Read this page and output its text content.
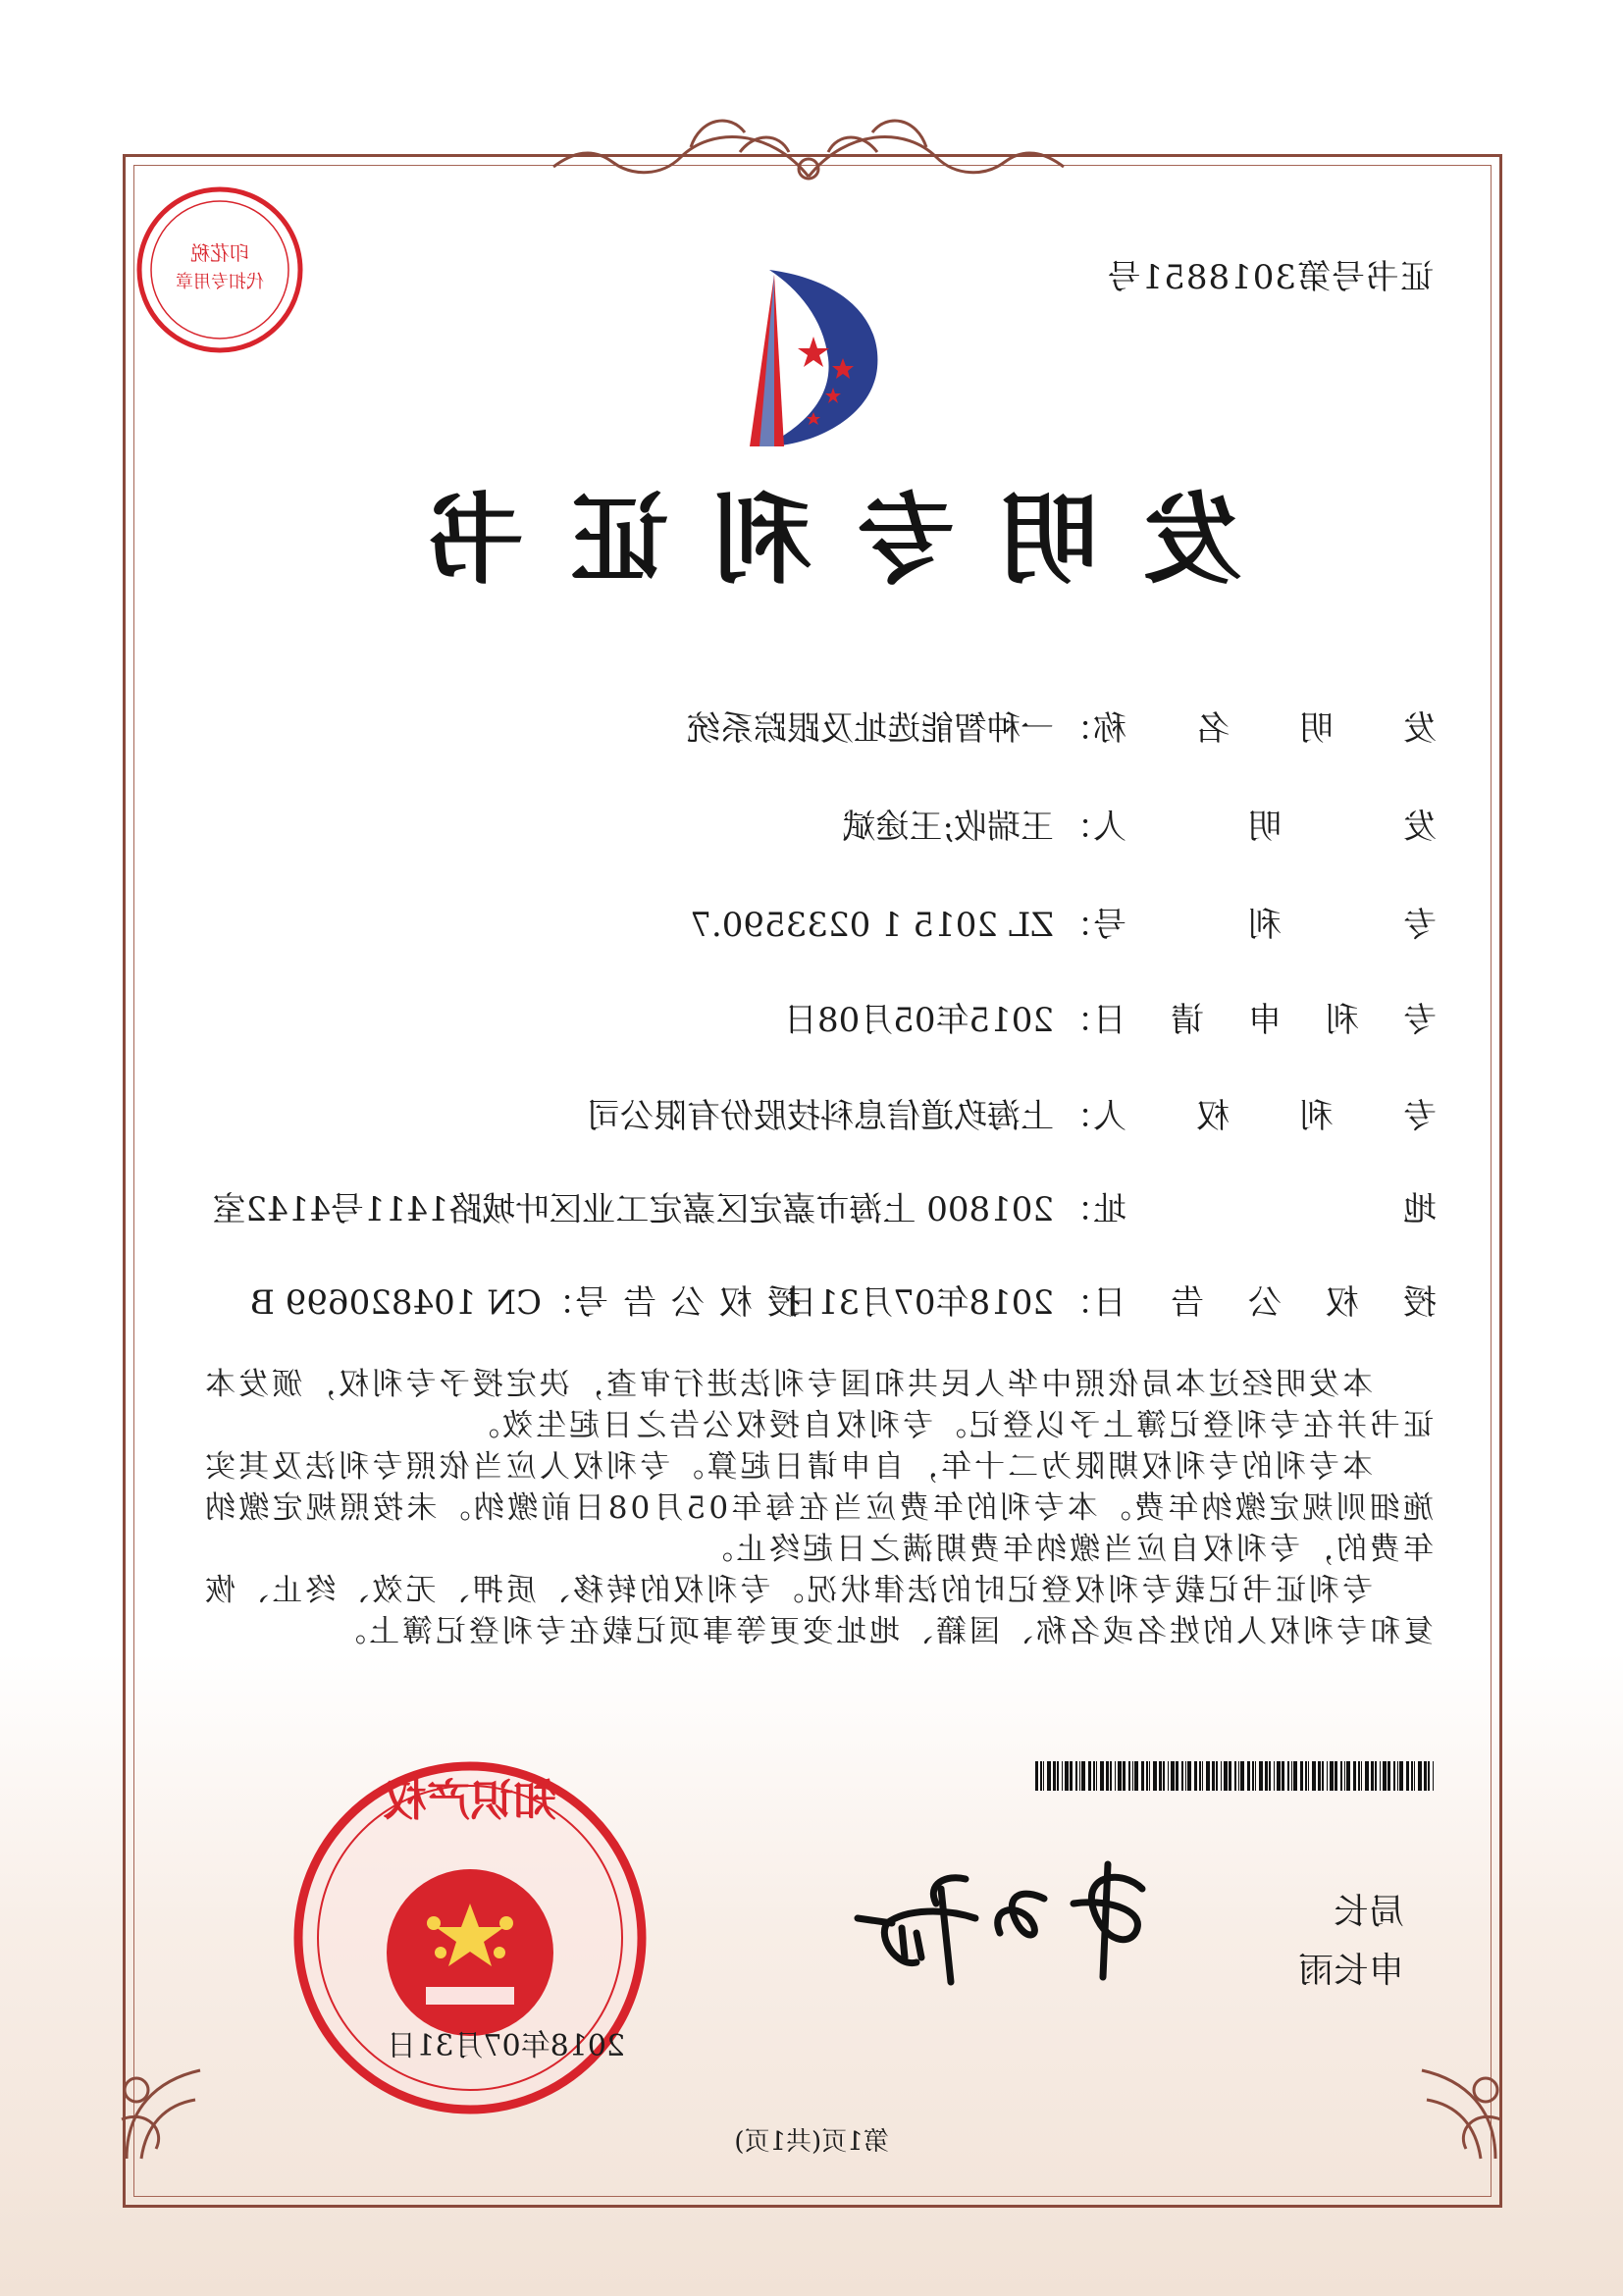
印花税
代扣专用章	证书号第3018851号
发明专利证书
发明名称：一种智能选址及跟踪系统
发明人：王瑞收;王途斌
专利号：ZL 2015 1 0233590.7
专利申请日：2015年05月08日
专利权人：上海玖道信息科技股份有限公司
地址：201800 上海市嘉定区嘉定工业区叶城路1411号4142室
授权公告日：2018年07月31日
授权公告号：CN 104820699 B

本发明经过本局依照中华人民共和国专利法进行审查，决定授予专利权，颁发本证书并在专利登记簿上予以登记。专利权自授权公告之日起生效。

本专利的专利权期限为二十年，自申请日起算。专利权人应当依照专利法及其实施细则规定缴纳年费。本专利的年费应当在每年05月08日前缴纳。未按照规定缴纳年费的，专利权自应当缴纳年费期满之日起终止。

专利证书记载专利权登记时的法律状况。专利权的转移、质押、无效、终止、恢复和专利权人的姓名或名称、国籍、地址变更等事项记载在专利登记簿上。

局长
申长雨
知识产权
2018年07月31日
第1页(共1页)
